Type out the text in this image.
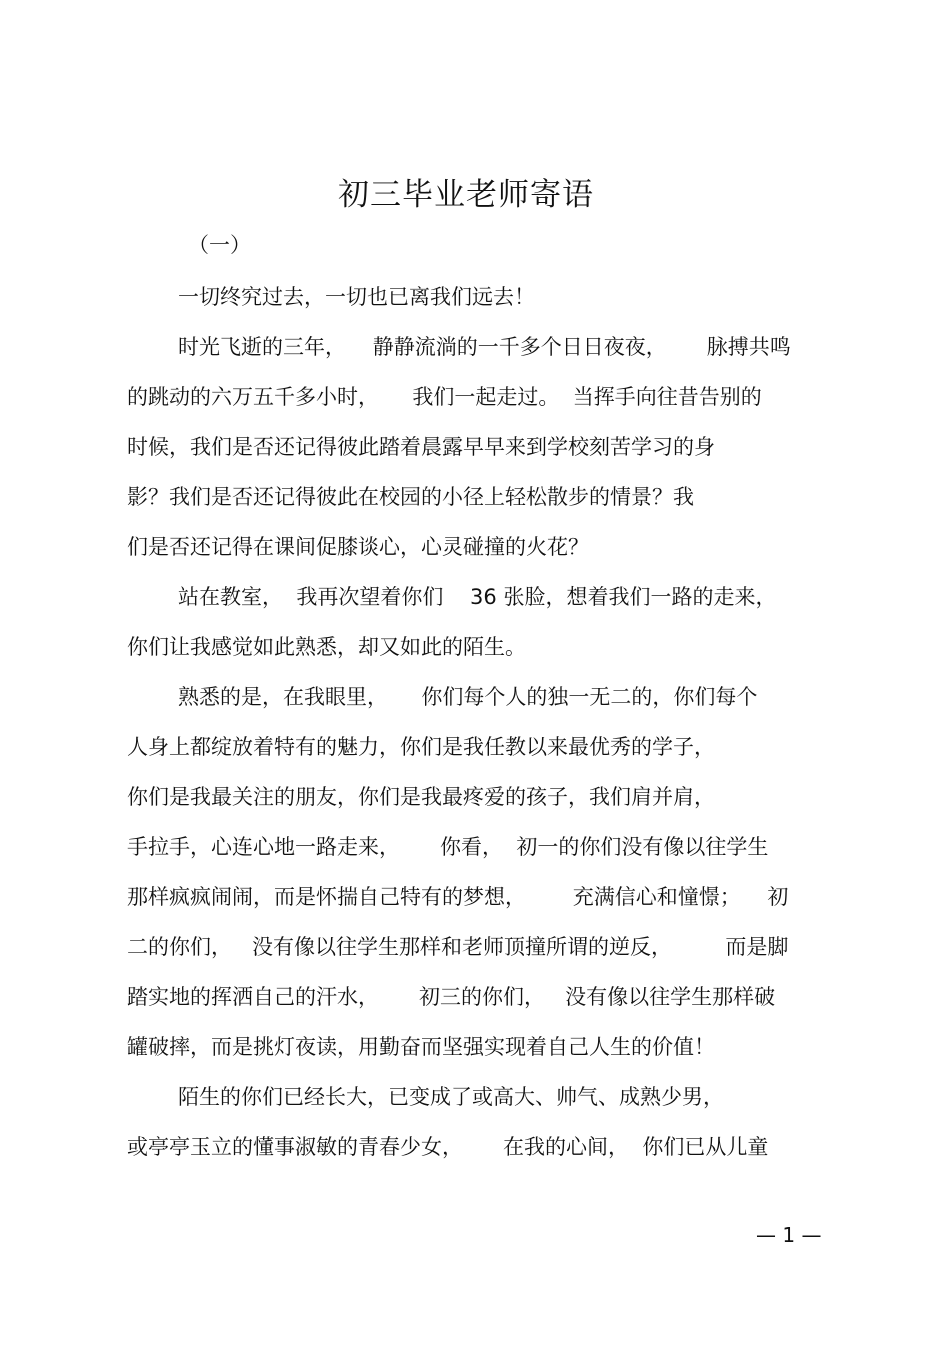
初三毕业老师寄语
（一）
一切终究过去，一切也已离我们远去！
时光飞逝的三年，    静静流淌的一千多个日日夜夜，      脉搏共鸣
的跳动的六万五千多小时，     我们一起走过。  当挥手向往昔告别的
时候，我们是否还记得彼此踏着晨露早早来到学校刻苦学习的身
影？我们是否还记得彼此在校园的小径上轻松散步的情景？我
们是否还记得在课间促膝谈心，心灵碰撞的火花？
站在教室，  我再次望着你们    36 张脸，想着我们一路的走来，
你们让我感觉如此熟悉，却又如此的陌生。
熟悉的是，在我眼里，     你们每个人的独一无二的，你们每个
人身上都绽放着特有的魅力，你们是我任教以来最优秀的学子，
你们是我最关注的朋友，你们是我最疼爱的孩子，我们肩并肩，
手拉手，心连心地一路走来，      你看，  初一的你们没有像以往学生
那样疯疯闹闹，而是怀揣自己特有的梦想，       充满信心和憧憬；    初
二的你们，   没有像以往学生那样和老师顶撞所谓的逆反，        而是脚
踏实地的挥洒自己的汗水，      初三的你们，   没有像以往学生那样破
罐破摔，而是挑灯夜读，用勤奋而坚强实现着自己人生的价值！
陌生的你们已经长大，已变成了或高大、帅气、成熟少男，
或亭亭玉立的懂事淑敏的青春少女，      在我的心间，  你们已从儿童
— 1 —
